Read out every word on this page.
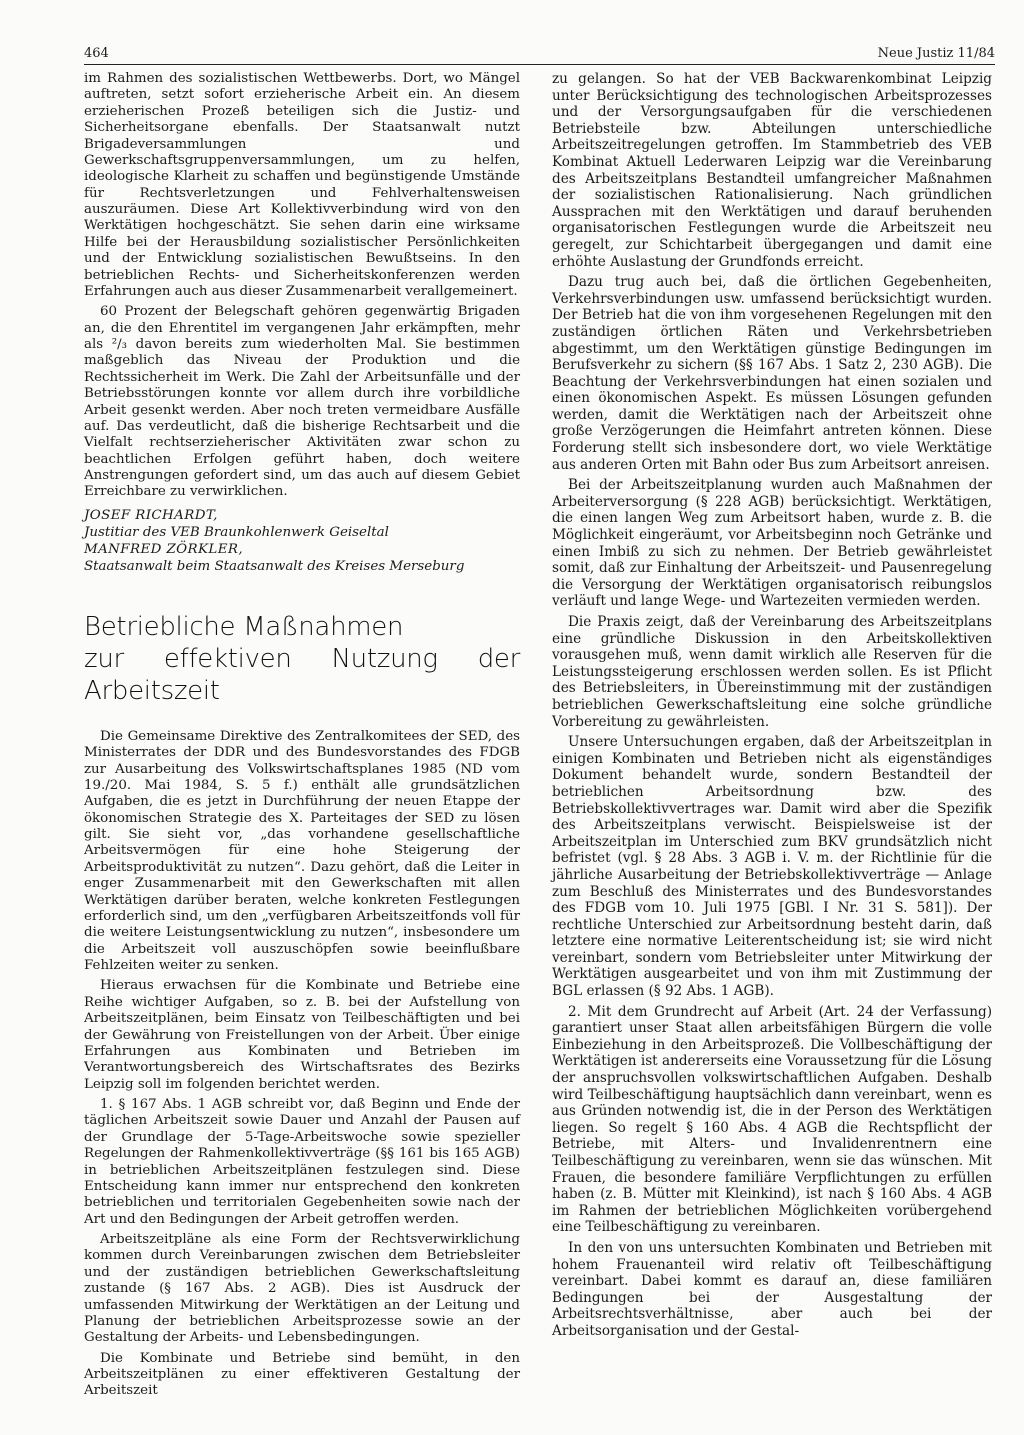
464	Neue Justiz 11/84

im Rahmen des sozialistischen Wettbewerbs. Dort, wo Mängel auftreten, setzt sofort erzieherische Arbeit ein. An diesem erzieherischen Prozeß beteiligen sich die Justiz- und Sicherheitsorgane ebenfalls. Der Staatsanwalt nutzt Brigadeversammlungen und Gewerkschaftsgruppenversammlungen, um zu helfen, ideologische Klarheit zu schaffen und begünstigende Umstände für Rechtsverletzungen und Fehlverhaltensweisen auszuräumen. Diese Art Kollektivverbindung wird von den Werktätigen hochgeschätzt. Sie sehen darin eine wirksame Hilfe bei der Herausbildung sozialistischer Persönlichkeiten und der Entwicklung sozialistischen Bewußtseins. In den betrieblichen Rechts- und Sicherheitskonferenzen werden Erfahrungen auch aus dieser Zusammenarbeit verallgemeinert.

60 Prozent der Belegschaft gehören gegenwärtig Brigaden an, die den Ehrentitel im vergangenen Jahr erkämpften, mehr als ²/₃ davon bereits zum wiederholten Mal. Sie bestimmen maßgeblich das Niveau der Produktion und die Rechtssicherheit im Werk. Die Zahl der Arbeitsunfälle und der Betriebsstörungen konnte vor allem durch ihre vorbildliche Arbeit gesenkt werden. Aber noch treten vermeidbare Ausfälle auf. Das verdeutlicht, daß die bisherige Rechtsarbeit und die Vielfalt rechtserzieherischer Aktivitäten zwar schon zu beachtlichen Erfolgen geführt haben, doch weitere Anstrengungen gefordert sind, um das auch auf diesem Gebiet Erreichbare zu verwirklichen.

JOSEF RICHARDT,
Justitiar des VEB Braunkohlenwerk Geiseltal
MANFRED ZÖRKLER,
Staatsanwalt beim Staatsanwalt des Kreises Merseburg
Betriebliche Maßnahmen
zur effektiven Nutzung der Arbeitszeit

Die Gemeinsame Direktive des Zentralkomitees der SED, des Ministerrates der DDR und des Bundesvorstandes des FDGB zur Ausarbeitung des Volkswirtschaftsplanes 1985 (ND vom 19./20. Mai 1984, S. 5 f.) enthält alle grundsätzlichen Aufgaben, die es jetzt in Durchführung der neuen Etappe der ökonomischen Strategie des X. Parteitages der SED zu lösen gilt. Sie sieht vor, „das vorhandene gesellschaftliche Arbeitsvermögen für eine hohe Steigerung der Arbeitsproduktivität zu nutzen“. Dazu gehört, daß die Leiter in enger Zusammenarbeit mit den Gewerkschaften mit allen Werktätigen darüber beraten, welche konkreten Festlegungen erforderlich sind, um den „verfügbaren Arbeitszeitfonds voll für die weitere Leistungsentwicklung zu nutzen“, insbesondere um die Arbeitszeit voll auszuschöpfen sowie beeinflußbare Fehlzeiten weiter zu senken.

Hieraus erwachsen für die Kombinate und Betriebe eine Reihe wichtiger Aufgaben, so z. B. bei der Aufstellung von Arbeitszeitplänen, beim Einsatz von Teilbeschäftigten und bei der Gewährung von Freistellungen von der Arbeit. Über einige Erfahrungen aus Kombinaten und Betrieben im Verantwortungsbereich des Wirtschaftsrates des Bezirks Leipzig soll im folgenden berichtet werden.

1. § 167 Abs. 1 AGB schreibt vor, daß Beginn und Ende der täglichen Arbeitszeit sowie Dauer und Anzahl der Pausen auf der Grundlage der 5-Tage-Arbeitswoche sowie spezieller Regelungen der Rahmenkollektivverträge (§§ 161 bis 165 AGB) in betrieblichen Arbeitszeitplänen festzulegen sind. Diese Entscheidung kann immer nur entsprechend den konkreten betrieblichen und territorialen Gegebenheiten sowie nach der Art und den Bedingungen der Arbeit getroffen werden.

Arbeitszeitpläne als eine Form der Rechtsverwirklichung kommen durch Vereinbarungen zwischen dem Betriebsleiter und der zuständigen betrieblichen Gewerkschaftsleitung zustande (§ 167 Abs. 2 AGB). Dies ist Ausdruck der umfassenden Mitwirkung der Werktätigen an der Leitung und Planung der betrieblichen Arbeitsprozesse sowie an der Gestaltung der Arbeits- und Lebensbedingungen.

Die Kombinate und Betriebe sind bemüht, in den Arbeitszeitplänen zu einer effektiveren Gestaltung der Arbeitszeit

zu gelangen. So hat der VEB Backwarenkombinat Leipzig unter Berücksichtigung des technologischen Arbeitsprozesses und der Versorgungsaufgaben für die verschiedenen Betriebsteile bzw. Abteilungen unterschiedliche Arbeitszeitregelungen getroffen. Im Stammbetrieb des VEB Kombinat Aktuell Lederwaren Leipzig war die Vereinbarung des Arbeitszeitplans Bestandteil umfangreicher Maßnahmen der sozialistischen Rationalisierung. Nach gründlichen Aussprachen mit den Werktätigen und darauf beruhenden organisatorischen Festlegungen wurde die Arbeitszeit neu geregelt, zur Schichtarbeit übergegangen und damit eine erhöhte Auslastung der Grundfonds erreicht.

Dazu trug auch bei, daß die örtlichen Gegebenheiten, Verkehrsverbindungen usw. umfassend berücksichtigt wurden. Der Betrieb hat die von ihm vorgesehenen Regelungen mit den zuständigen örtlichen Räten und Verkehrsbetrieben abgestimmt, um den Werktätigen günstige Bedingungen im Berufsverkehr zu sichern (§§ 167 Abs. 1 Satz 2, 230 AGB). Die Beachtung der Verkehrsverbindungen hat einen sozialen und einen ökonomischen Aspekt. Es müssen Lösungen gefunden werden, damit die Werktätigen nach der Arbeitszeit ohne große Verzögerungen die Heimfahrt antreten können. Diese Forderung stellt sich insbesondere dort, wo viele Werktätige aus anderen Orten mit Bahn oder Bus zum Arbeitsort anreisen.

Bei der Arbeitszeitplanung wurden auch Maßnahmen der Arbeiterversorgung (§ 228 AGB) berücksichtigt. Werktätigen, die einen langen Weg zum Arbeitsort haben, wurde z. B. die Möglichkeit eingeräumt, vor Arbeitsbeginn noch Getränke und einen Imbiß zu sich zu nehmen. Der Betrieb gewährleistet somit, daß zur Einhaltung der Arbeitszeit- und Pausenregelung die Versorgung der Werktätigen organisatorisch reibungslos verläuft und lange Wege- und Wartezeiten vermieden werden.

Die Praxis zeigt, daß der Vereinbarung des Arbeitszeitplans eine gründliche Diskussion in den Arbeitskollektiven vorausgehen muß, wenn damit wirklich alle Reserven für die Leistungssteigerung erschlossen werden sollen. Es ist Pflicht des Betriebsleiters, in Übereinstimmung mit der zuständigen betrieblichen Gewerkschaftsleitung eine solche gründliche Vorbereitung zu gewährleisten.

Unsere Untersuchungen ergaben, daß der Arbeitszeitplan in einigen Kombinaten und Betrieben nicht als eigenständiges Dokument behandelt wurde, sondern Bestandteil der betrieblichen Arbeitsordnung bzw. des Betriebskollektivvertrages war. Damit wird aber die Spezifik des Arbeitszeitplans verwischt. Beispielsweise ist der Arbeitszeitplan im Unterschied zum BKV grundsätzlich nicht befristet (vgl. § 28 Abs. 3 AGB i. V. m. der Richtlinie für die jährliche Ausarbeitung der Betriebskollektivverträge — Anlage zum Beschluß des Ministerrates und des Bundesvorstandes des FDGB vom 10. Juli 1975 [GBl. I Nr. 31 S. 581]). Der rechtliche Unterschied zur Arbeitsordnung besteht darin, daß letztere eine normative Leiterentscheidung ist; sie wird nicht vereinbart, sondern vom Betriebsleiter unter Mitwirkung der Werktätigen ausgearbeitet und von ihm mit Zustimmung der BGL erlassen (§ 92 Abs. 1 AGB).

2. Mit dem Grundrecht auf Arbeit (Art. 24 der Verfassung) garantiert unser Staat allen arbeitsfähigen Bürgern die volle Einbeziehung in den Arbeitsprozeß. Die Vollbeschäftigung der Werktätigen ist andererseits eine Voraussetzung für die Lösung der anspruchsvollen volkswirtschaftlichen Aufgaben. Deshalb wird Teilbeschäftigung hauptsächlich dann vereinbart, wenn es aus Gründen notwendig ist, die in der Person des Werktätigen liegen. So regelt § 160 Abs. 4 AGB die Rechtspflicht der Betriebe, mit Alters- und Invalidenrentnern eine Teilbeschäftigung zu vereinbaren, wenn sie das wünschen. Mit Frauen, die besondere familiäre Verpflichtungen zu erfüllen haben (z. B. Mütter mit Kleinkind), ist nach § 160 Abs. 4 AGB im Rahmen der betrieblichen Möglichkeiten vorübergehend eine Teilbeschäftigung zu vereinbaren.

In den von uns untersuchten Kombinaten und Betrieben mit hohem Frauenanteil wird relativ oft Teilbeschäftigung vereinbart. Dabei kommt es darauf an, diese familiären Bedingungen bei der Ausgestaltung der Arbeitsrechtsverhältnisse, aber auch bei der Arbeitsorganisation und der Gestal-
